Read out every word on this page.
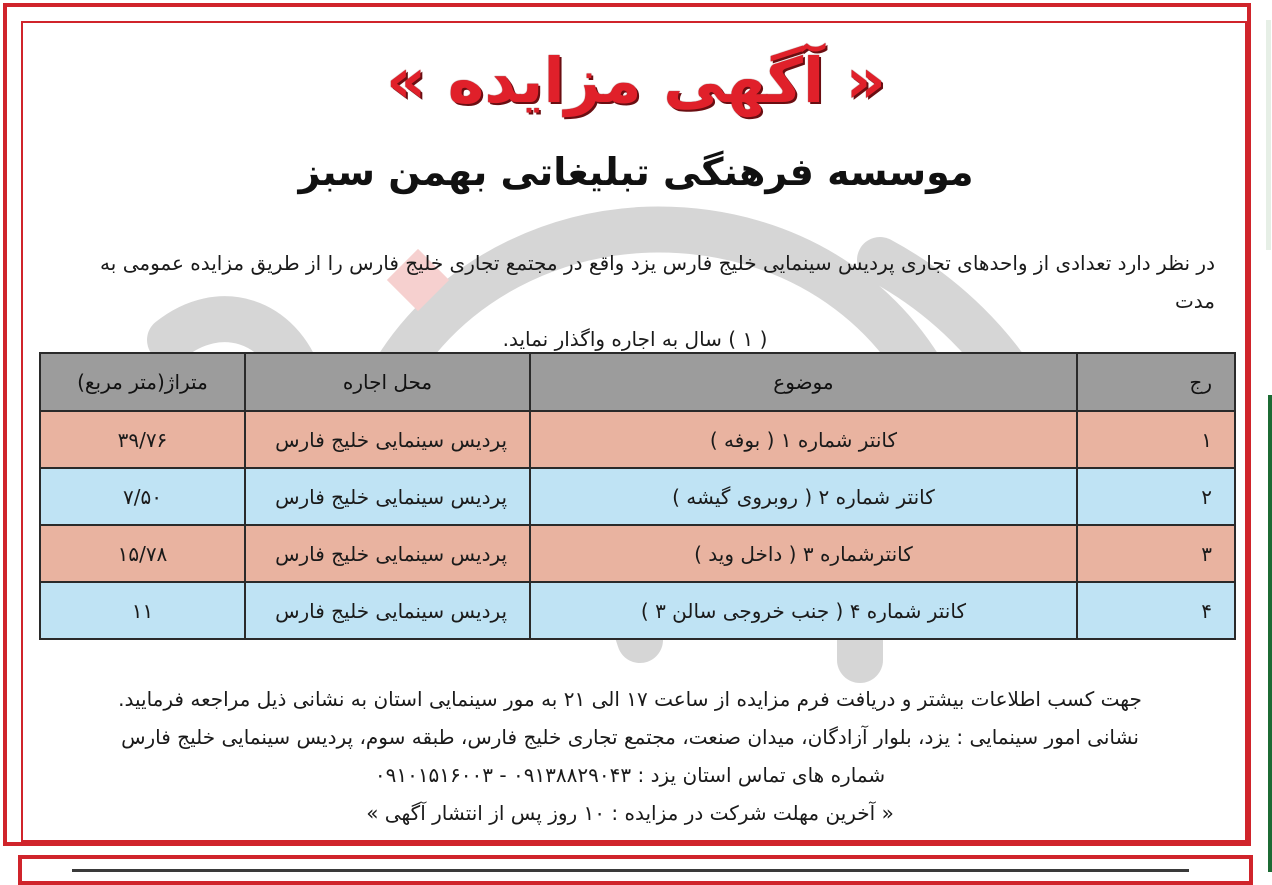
« آگهی مزایده »
موسسه فرهنگی تبلیغاتی بهمن سبز
در نظر دارد تعدادی از واحدهای تجاری پردیس سینمایی خلیج فارس یزد واقع در مجتمع تجاری خلیج فارس را از طریق مزایده عمومی به مدت
( ۱ ) سال به اجاره واگذار نماید.
رج	موضوع	محل اجاره	متراژ(متر مربع)
۱	کانتر شماره ۱ ( بوفه )	پردیس سینمایی خلیج فارس	۳۹/۷۶
۲	کانتر شماره ۲ ( روبروی گیشه )	پردیس سینمایی خلیج فارس	۷/۵۰
۳	کانترشماره ۳ ( داخل وید )	پردیس سینمایی خلیج فارس	۱۵/۷۸
۴	کانتر شماره ۴ ( جنب خروجی سالن ۳ )	پردیس سینمایی خلیج فارس	۱۱
جهت کسب اطلاعات بیشتر و دریافت فرم مزایده از ساعت ۱۷ الی ۲۱ به مور سینمایی استان به نشانی ذیل مراجعه فرمایید.
نشانی امور سینمایی : یزد، بلوار آزادگان، میدان صنعت، مجتمع تجاری خلیج فارس، طبقه سوم، پردیس سینمایی خلیج فارس
شماره های تماس استان یزد : ۰۹۱۳۸۸۲۹۰۴۳ - ۰۹۱۰۱۵۱۶۰۰۳
« آخرین مهلت شرکت در مزایده : ۱۰ روز پس از انتشار آگهی »
